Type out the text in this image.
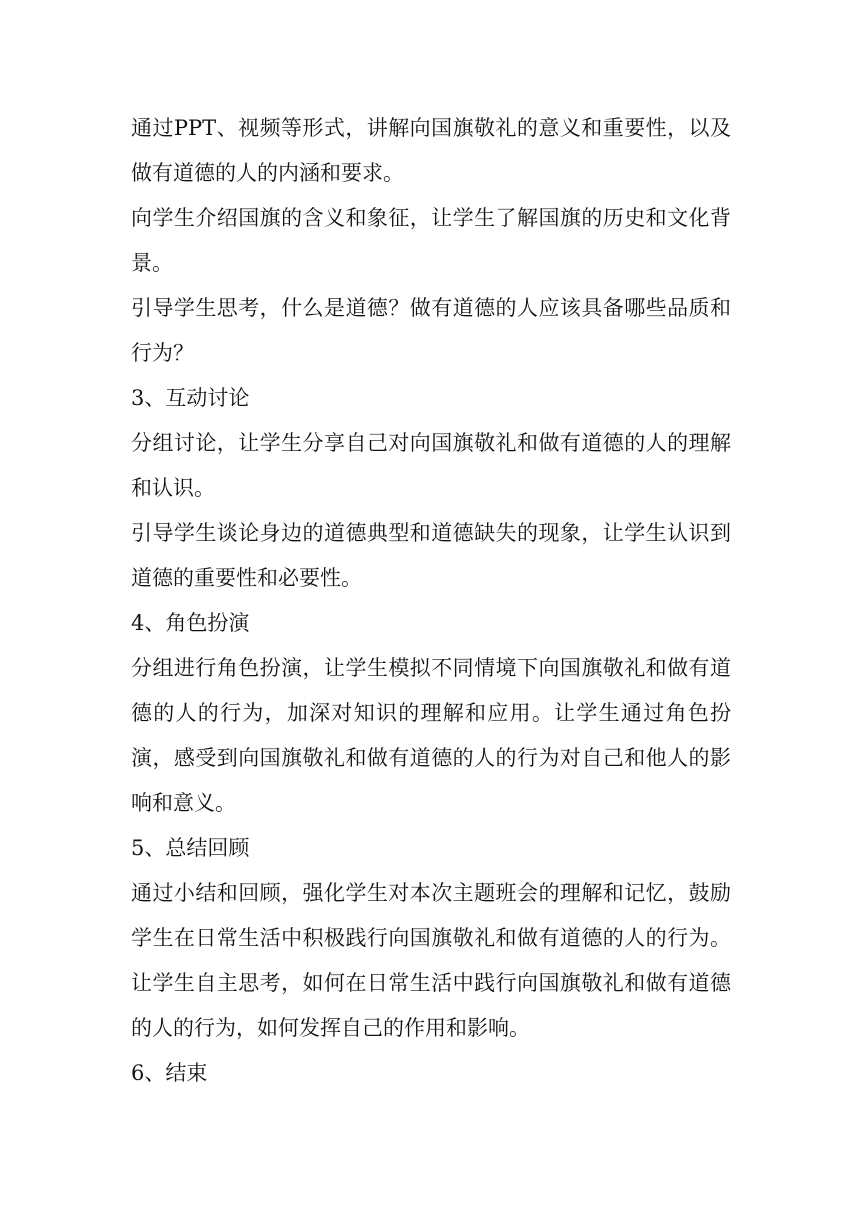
通过PPT、视频等形式，讲解向国旗敬礼的意义和重要性，以及做有道德的人的内涵和要求。

向学生介绍国旗的含义和象征，让学生了解国旗的历史和文化背景。

引导学生思考，什么是道德？做有道德的人应该具备哪些品质和行为？

3、互动讨论

分组讨论，让学生分享自己对向国旗敬礼和做有道德的人的理解和认识。

引导学生谈论身边的道德典型和道德缺失的现象，让学生认识到道德的重要性和必要性。

4、角色扮演

分组进行角色扮演，让学生模拟不同情境下向国旗敬礼和做有道德的人的行为，加深对知识的理解和应用。让学生通过角色扮演，感受到向国旗敬礼和做有道德的人的行为对自己和他人的影响和意义。

5、总结回顾

通过小结和回顾，强化学生对本次主题班会的理解和记忆，鼓励学生在日常生活中积极践行向国旗敬礼和做有道德的人的行为。让学生自主思考，如何在日常生活中践行向国旗敬礼和做有道德的人的行为，如何发挥自己的作用和影响。

6、结束
